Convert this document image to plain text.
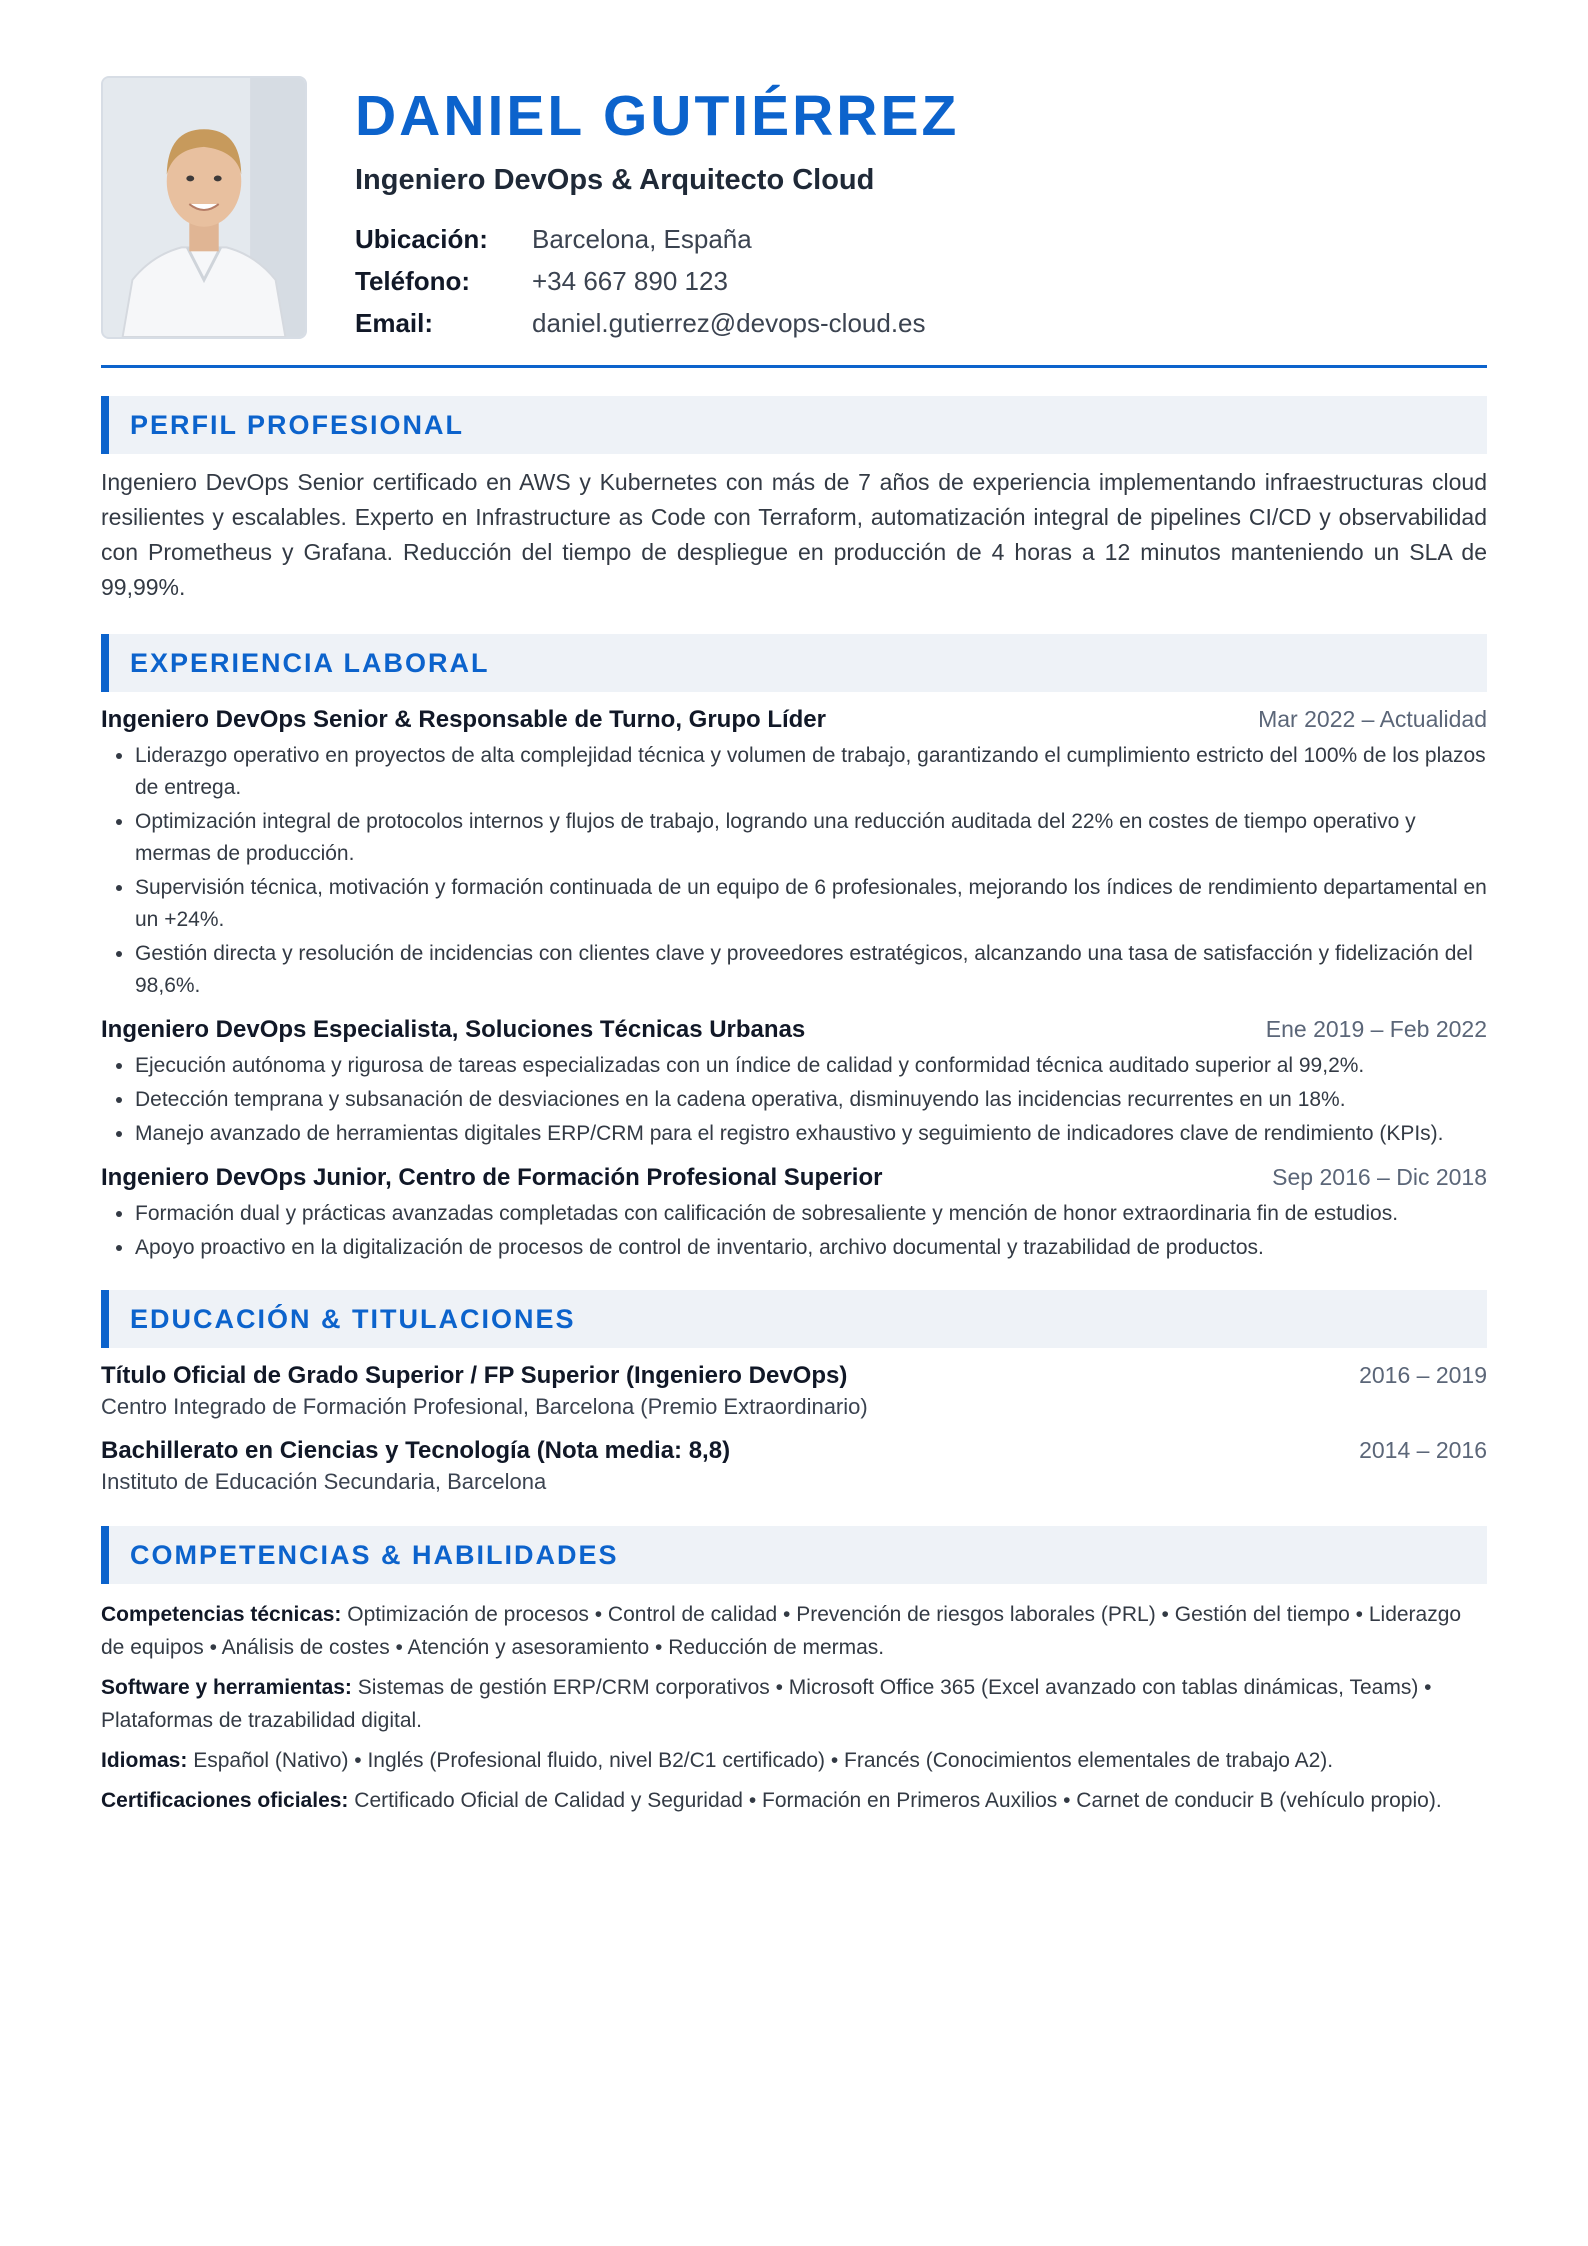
DANIEL GUTIÉRREZ
Ingeniero DevOps & Arquitecto Cloud
Ubicación: Barcelona, España
Teléfono: +34 667 890 123
Email:	daniel.gutierrez@devops-cloud.es
PERFIL PROFESIONAL

Ingeniero DevOps Senior certificado en AWS y Kubernetes con más de 7 años de experiencia implementando infraestructuras cloud resilientes y escalables. Experto en Infrastructure as Code con Terraform, automatización integral de pipelines CI/CD y observabilidad con Prometheus y Grafana. Reducción del tiempo de despliegue en producción de 4 horas a 12 minutos manteniendo un SLA de 99,99%.

EXPERIENCIA LABORAL
Ingeniero DevOps Senior & Responsable de Turno, Grupo Líder	Mar 2022 – Actualidad
• Liderazgo operativo en proyectos de alta complejidad técnica y volumen de trabajo, garantizando el cumplimiento estricto del 100% de los plazos de entrega.
• Optimización integral de protocolos internos y flujos de trabajo, logrando una reducción auditada del 22% en costes de tiempo operativo y mermas de producción.
• Supervisión técnica, motivación y formación continuada de un equipo de 6 profesionales, mejorando los índices de rendimiento departamental en un +24%.
• Gestión directa y resolución de incidencias con clientes clave y proveedores estratégicos, alcanzando una tasa de satisfacción y fidelización del 98,6%.
Ingeniero DevOps Especialista, Soluciones Técnicas Urbanas	Ene 2019 – Feb 2022
• Ejecución autónoma y rigurosa de tareas especializadas con un índice de calidad y conformidad técnica auditado superior al 99,2%.
• Detección temprana y subsanación de desviaciones en la cadena operativa, disminuyendo las incidencias recurrentes en un 18%.
• Manejo avanzado de herramientas digitales ERP/CRM para el registro exhaustivo y seguimiento de indicadores clave de rendimiento (KPIs).
Ingeniero DevOps Junior, Centro de Formación Profesional Superior	Sep 2016 – Dic 2018
• Formación dual y prácticas avanzadas completadas con calificación de sobresaliente y mención de honor extraordinaria fin de estudios.
• Apoyo proactivo en la digitalización de procesos de control de inventario, archivo documental y trazabilidad de productos.
EDUCACIÓN & TITULACIONES
Título Oficial de Grado Superior / FP Superior (Ingeniero DevOps)	2016 – 2019
Centro Integrado de Formación Profesional, Barcelona (Premio Extraordinario)
Bachillerato en Ciencias y Tecnología (Nota media: 8,8)	2014 – 2016
Instituto de Educación Secundaria, Barcelona
COMPETENCIAS & HABILIDADES
Competencias técnicas: Optimización de procesos • Control de calidad • Prevención de riesgos laborales (PRL) • Gestión del tiempo • Liderazgo de equipos • Análisis de costes • Atención y asesoramiento • Reducción de mermas.
Software y herramientas: Sistemas de gestión ERP/CRM corporativos • Microsoft Office 365 (Excel avanzado con tablas dinámicas, Teams) • Plataformas de trazabilidad digital.
Idiomas: Español (Nativo) • Inglés (Profesional fluido, nivel B2/C1 certificado) • Francés (Conocimientos elementales de trabajo A2).
Certificaciones oficiales: Certificado Oficial de Calidad y Seguridad • Formación en Primeros Auxilios • Carnet de conducir B (vehículo propio).
